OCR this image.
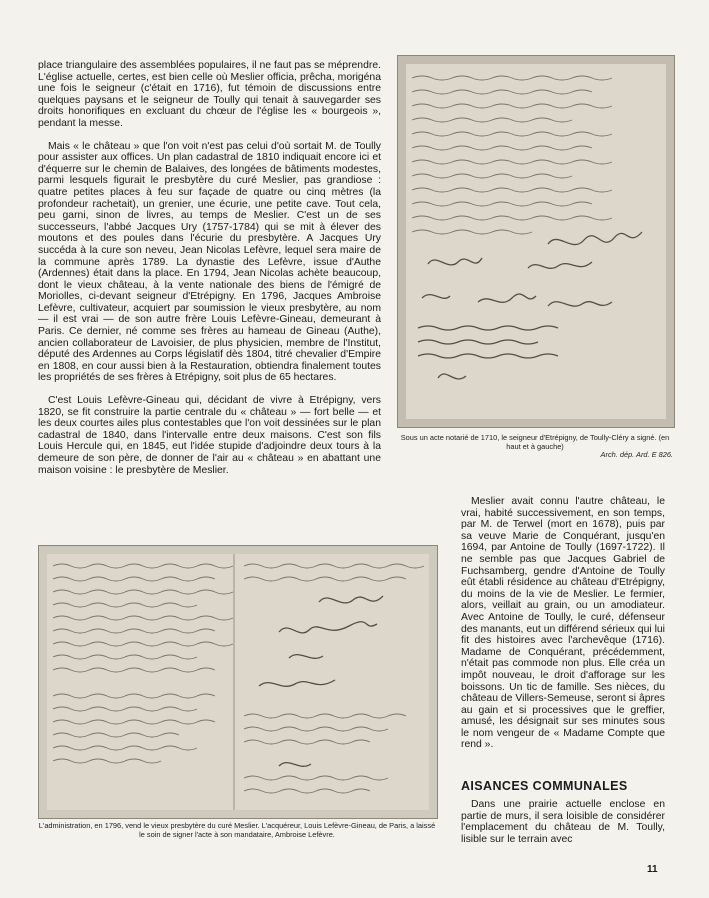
place triangulaire des assemblées populaires, il ne faut pas se méprendre. L'église actuelle, certes, est bien celle où Meslier officia, prêcha, morigéna une fois le seigneur (c'était en 1716), fut témoin de discussions entre quelques paysans et le seigneur de Toully qui tenait à sauvegarder ses droits honorifiques en excluant du chœur de l'église les « bourgeois », pendant la messe.

Mais « le château » que l'on voit n'est pas celui d'où sortait M. de Toully pour assister aux offices. Un plan cadastral de 1810 indiquait encore ici et d'équerre sur le chemin de Balaives, des longées de bâtiments modestes, parmi lesquels figurait le presbytère du curé Meslier, pas grandiose : quatre petites places à feu sur façade de quatre ou cinq mètres (la profondeur rachetait), un grenier, une écurie, une petite cave. Tout cela, peu garni, sinon de livres, au temps de Meslier. C'est un de ses successeurs, l'abbé Jacques Ury (1757-1784) qui se mit à élever des moutons et des poules dans l'écurie du presbytère. A Jacques Ury succéda à la cure son neveu, Jean Nicolas Lefèvre, lequel sera maire de la commune après 1789. La dynastie des Lefèvre, issue d'Authe (Ardennes) était dans la place. En 1794, Jean Nicolas achète beaucoup, dont le vieux château, à la vente nationale des biens de l'émigré de Moriolles, ci-devant seigneur d'Etrépigny. En 1796, Jacques Ambroise Lefèvre, cultivateur, acquiert par soumission le vieux presbytère, au nom — il est vrai — de son autre frère Louis Lefèvre-Gineau, demeurant à Paris. Ce dernier, né comme ses frères au hameau de Gineau (Authe), ancien collaborateur de Lavoisier, de plus physicien, membre de l'Institut, député des Ardennes au Corps législatif dès 1804, titré chevalier d'Empire en 1808, en cour aussi bien à la Restauration, obtiendra finalement toutes les propriétés de ses frères à Etrépigny, soit plus de 65 hectares.

C'est Louis Lefèvre-Gineau qui, décidant de vivre à Etrépigny, vers 1820, se fit construire la partie centrale du « château » — fort belle — et les deux courtes ailes plus contestables que l'on voit dessinées sur le plan cadastral de 1840, dans l'intervalle entre deux maisons. C'est son fils Louis Hercule qui, en 1845, eut l'idée stupide d'adjoindre deux tours à la demeure de son père, de donner de l'air au « château » en abattant une maison voisine : le presbytère de Meslier.

Sous un acte notarié de 1710, le seigneur d'Etrépigny, de Toully-Cléry a signé. (en haut et à gauche)
Arch. dép. Ard. E 826.

Meslier avait connu l'autre château, le vrai, habité successivement, en son temps, par M. de Terwel (mort en 1678), puis par sa veuve Marie de Conquérant, jusqu'en 1694, par Antoine de Toully (1697-1722). Il ne semble pas que Jacques Gabriel de Fuchsamberg, gendre d'Antoine de Toully eût établi résidence au château d'Etrépigny, du moins de la vie de Meslier. Le fermier, alors, veillait au grain, ou un amodiateur. Avec Antoine de Toully, le curé, défenseur des manants, eut un différend sérieux qui lui fit des histoires avec l'archevêque (1716). Madame de Conquérant, précédemment, n'était pas commode non plus. Elle créa un impôt nouveau, le droit d'afforage sur les boissons. Un tic de famille. Ses nièces, du château de Villers-Semeuse, seront si âpres au gain et si processives que le greffier, amusé, les désignait sur ses minutes sous le nom vengeur de « Madame Compte que rend ».

L'administration, en 1796, vend le vieux presbytère du curé Meslier. L'acquéreur, Louis Lefèvre-Gineau, de Paris, a laissé le soin de signer l'acte à son mandataire, Ambroise Lefèvre.
AISANCES COMMUNALES

Dans une prairie actuelle enclose en partie de murs, il sera loisible de considérer l'emplacement du château de M. Toully, lisible sur le terrain avec

11
